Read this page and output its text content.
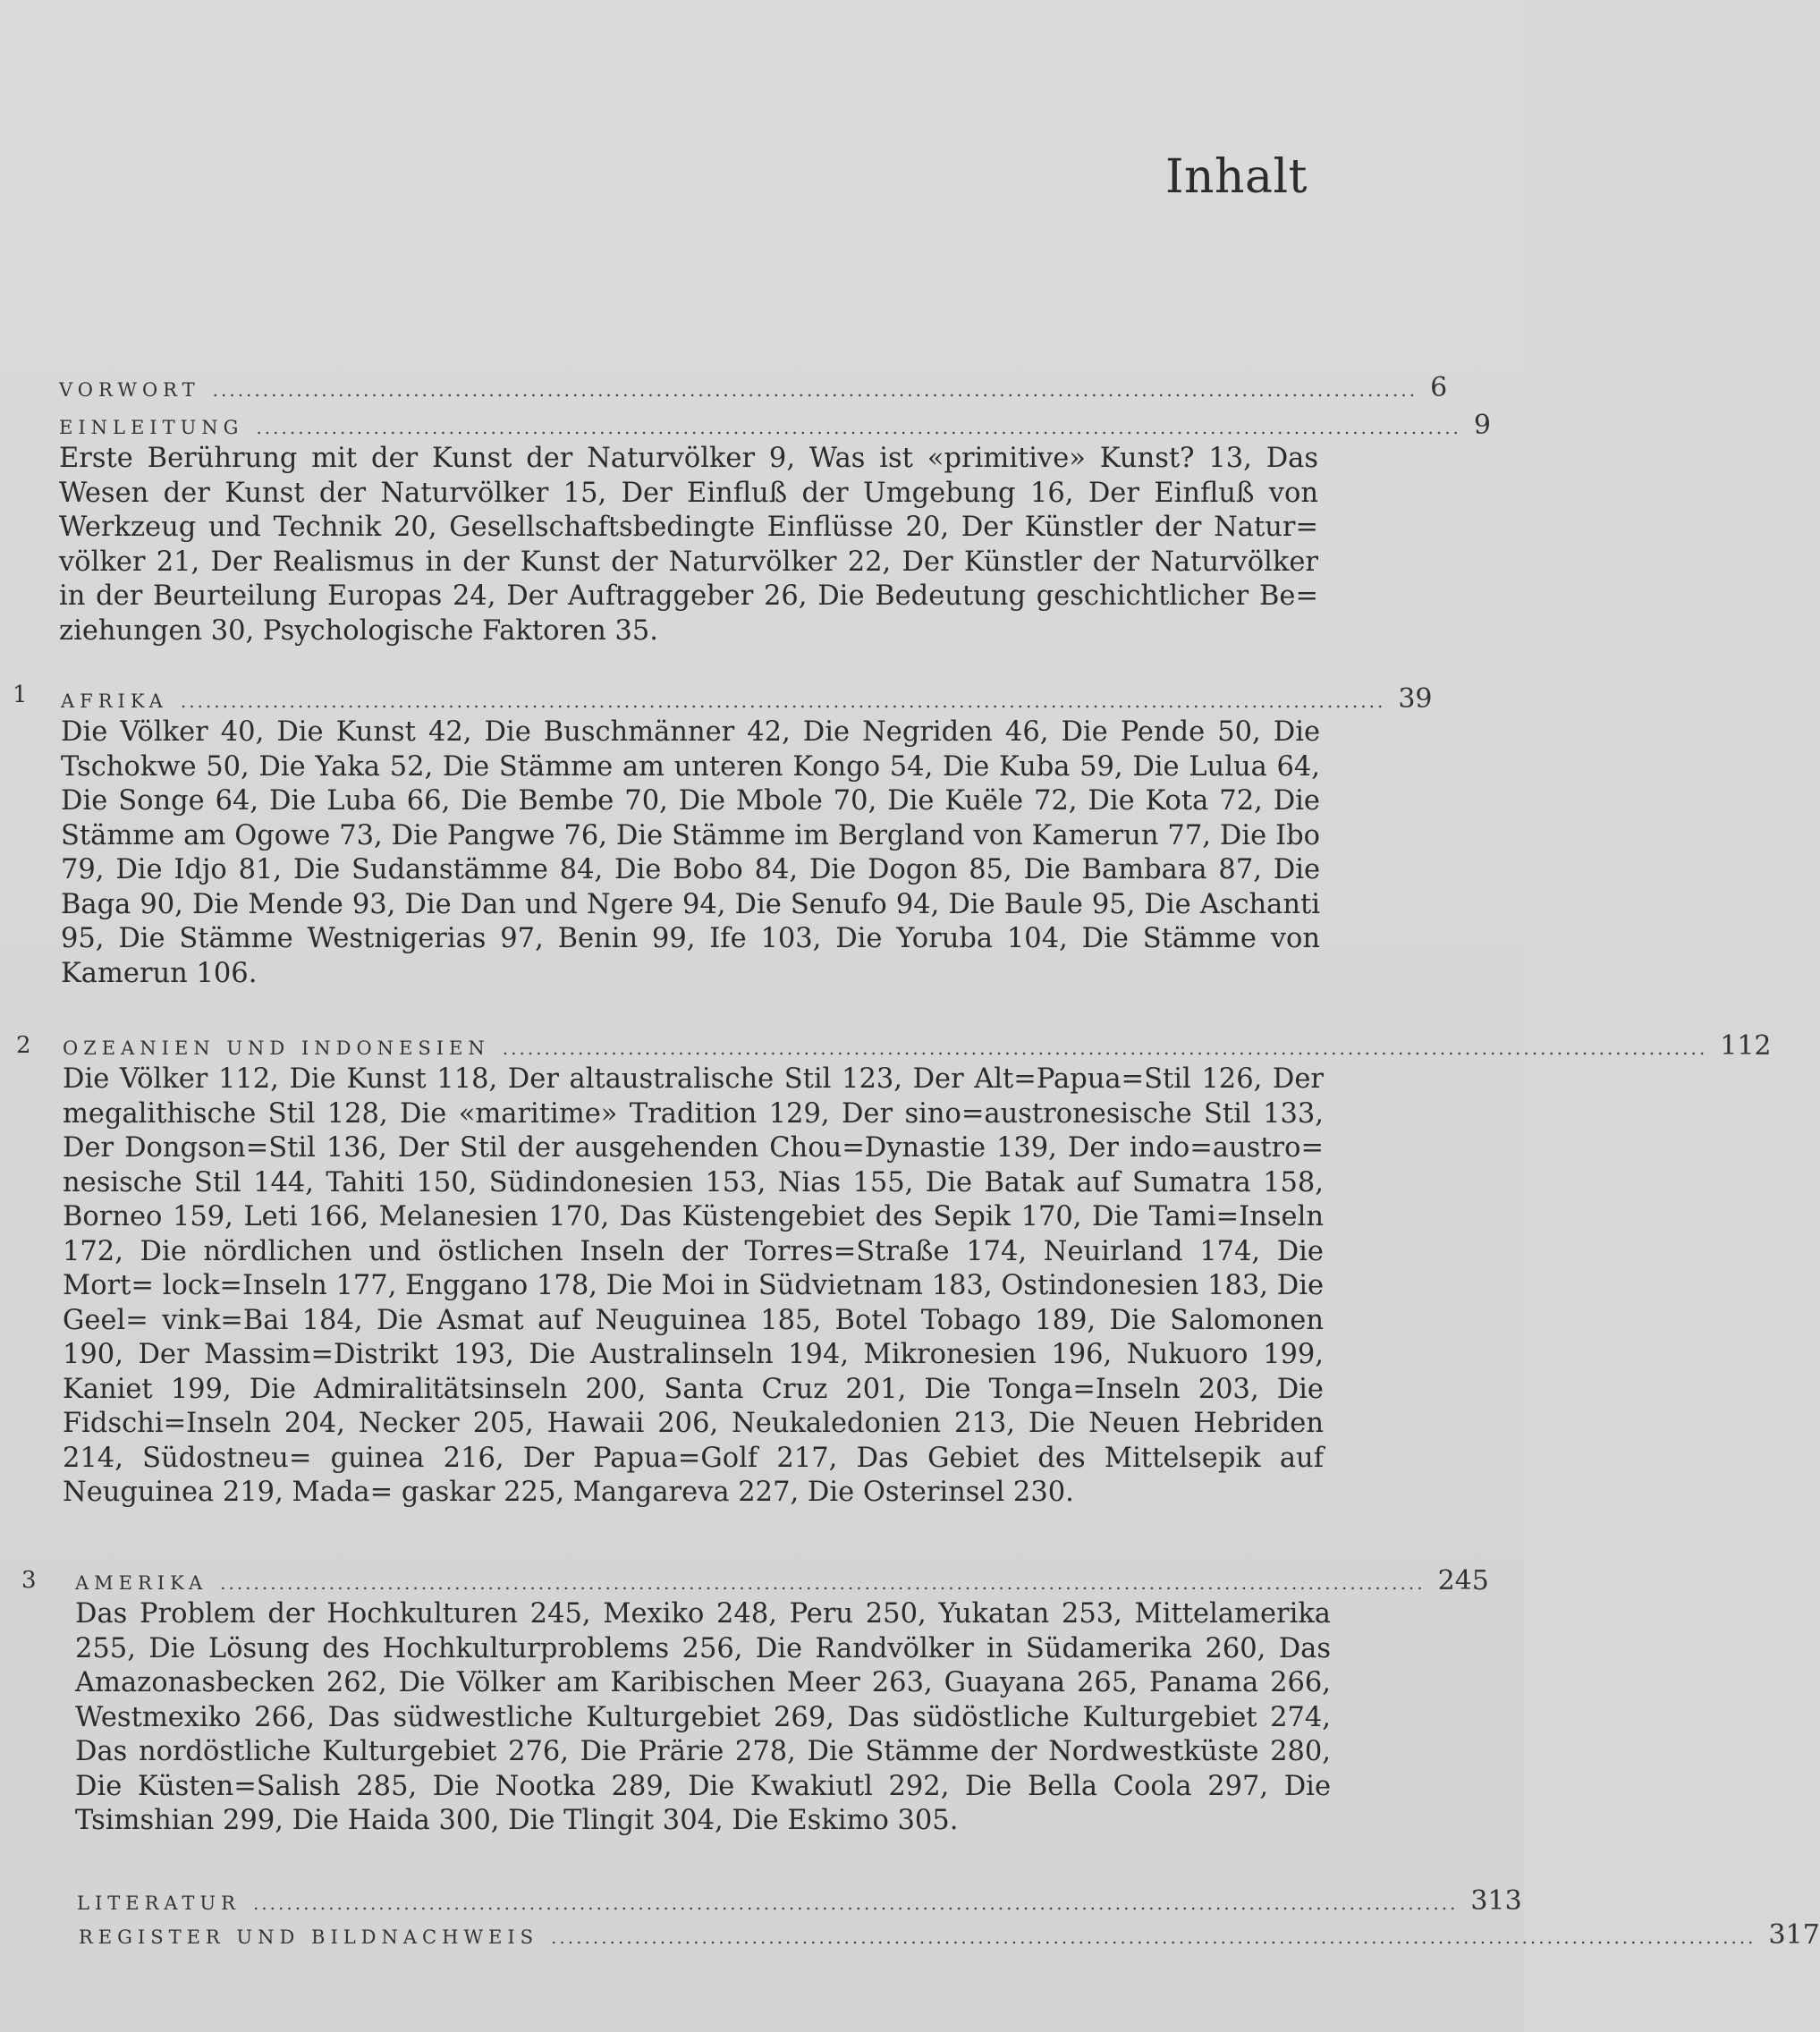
Inhalt
VORWORT ................................................................................................................................................ 6
EINLEITUNG ................................................................................................................................................ 9

Erste Berührung mit der Kunst der Naturvölker 9, Was ist «primitive» Kunst? 13, Das Wesen der Kunst der Naturvölker 15, Der Einfluß der Umgebung 16, Der Einfluß von Werkzeug und Technik 20, Gesellschaftsbedingte Einflüsse 20, Der Künstler der Natur= völker 21, Der Realismus in der Kunst der Naturvölker 22, Der Künstler der Naturvölker in der Beurteilung Europas 24, Der Auftraggeber 26, Die Bedeutung geschichtlicher Be= ziehungen 30, Psychologische Faktoren 35.

1 AFRIKA ................................................................................................................................................ 39

Die Völker 40, Die Kunst 42, Die Buschmänner 42, Die Negriden 46, Die Pende 50, Die Tschokwe 50, Die Yaka 52, Die Stämme am unteren Kongo 54, Die Kuba 59, Die Lulua 64, Die Songe 64, Die Luba 66, Die Bembe 70, Die Mbole 70, Die Kuële 72, Die Kota 72, Die Stämme am Ogowe 73, Die Pangwe 76, Die Stämme im Bergland von Kamerun 77, Die Ibo 79, Die Idjo 81, Die Sudanstämme 84, Die Bobo 84, Die Dogon 85, Die Bambara 87, Die Baga 90, Die Mende 93, Die Dan und Ngere 94, Die Senufo 94, Die Baule 95, Die Aschanti 95, Die Stämme Westnigerias 97, Benin 99, Ife 103, Die Yoruba 104, Die Stämme von Kamerun 106.

2 OZEANIEN UND INDONESIEN ................................................................................................................................................ 112

Die Völker 112, Die Kunst 118, Der altaustralische Stil 123, Der Alt=Papua=Stil 126, Der megalithische Stil 128, Die «maritime» Tradition 129, Der sino=austronesische Stil 133, Der Dongson=Stil 136, Der Stil der ausgehenden Chou=Dynastie 139, Der indo=austro= nesische Stil 144, Tahiti 150, Südindonesien 153, Nias 155, Die Batak auf Sumatra 158, Borneo 159, Leti 166, Melanesien 170, Das Küstengebiet des Sepik 170, Die Tami=Inseln 172, Die nördlichen und östlichen Inseln der Torres=Straße 174, Neuirland 174, Die Mort= lock=Inseln 177, Enggano 178, Die Moi in Südvietnam 183, Ostindonesien 183, Die Geel= vink=Bai 184, Die Asmat auf Neuguinea 185, Botel Tobago 189, Die Salomonen 190, Der Massim=Distrikt 193, Die Australinseln 194, Mikronesien 196, Nukuoro 199, Kaniet 199, Die Admiralitätsinseln 200, Santa Cruz 201, Die Tonga=Inseln 203, Die Fidschi=Inseln 204, Necker 205, Hawaii 206, Neukaledonien 213, Die Neuen Hebriden 214, Südostneu= guinea 216, Der Papua=Golf 217, Das Gebiet des Mittelsepik auf Neuguinea 219, Mada= gaskar 225, Mangareva 227, Die Osterinsel 230.

3 AMERIKA ................................................................................................................................................ 245

Das Problem der Hochkulturen 245, Mexiko 248, Peru 250, Yukatan 253, Mittelamerika 255, Die Lösung des Hochkulturproblems 256, Die Randvölker in Südamerika 260, Das Amazonasbecken 262, Die Völker am Karibischen Meer 263, Guayana 265, Panama 266, Westmexiko 266, Das südwestliche Kulturgebiet 269, Das südöstliche Kulturgebiet 274, Das nordöstliche Kulturgebiet 276, Die Prärie 278, Die Stämme der Nordwestküste 280, Die Küsten=Salish 285, Die Nootka 289, Die Kwakiutl 292, Die Bella Coola 297, Die Tsimshian 299, Die Haida 300, Die Tlingit 304, Die Eskimo 305.

LITERATUR ................................................................................................................................................ 313
REGISTER UND BILDNACHWEIS ................................................................................................................................................ 317
